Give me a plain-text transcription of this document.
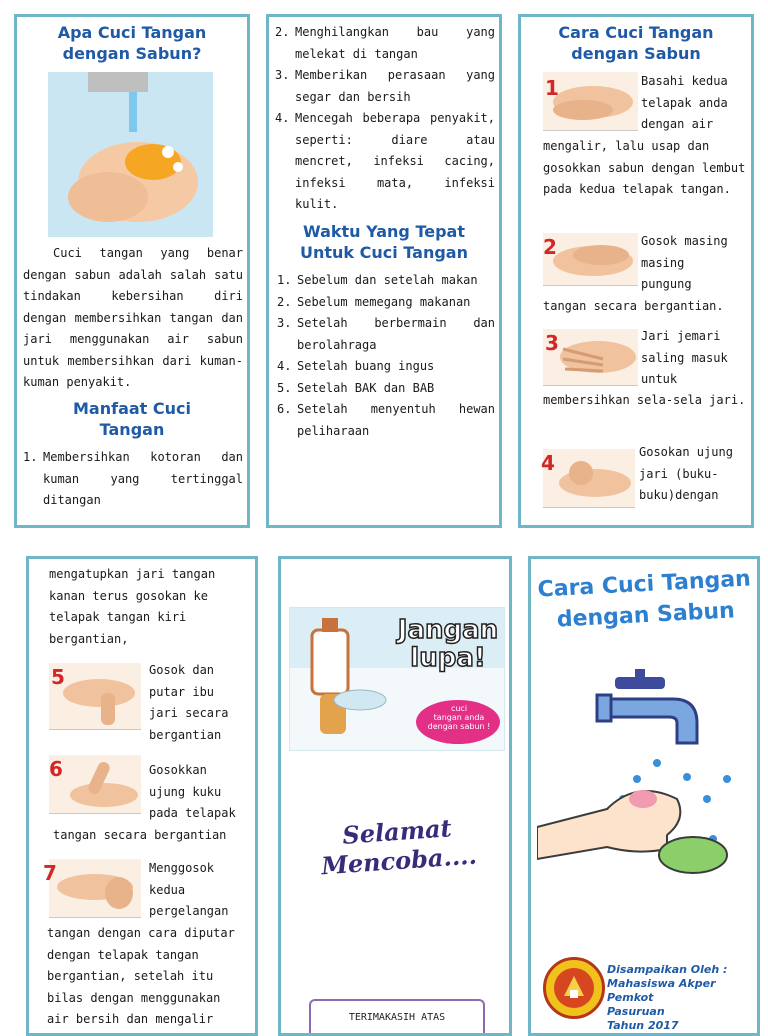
Apa Cuci Tangan

dengan Sabun?

Cuci tangan yang benar dengan sabun adalah salah satu tindakan kebersihan diri dengan membersihkan tangan dan jari menggunakan air sabun untuk membersihkan dari kuman-kuman penyakit.

Manfaat Cuci

Tangan

1. Membersihkan kotoran dan kuman yang tertinggal ditangan
2. Menghilangkan bau yang melekat di tangan
3. Memberikan perasaan yang segar dan bersih
4. Mencegah beberapa penyakit, seperti: diare atau mencret, infeksi cacing, infeksi mata, infeksi kulit.

Waktu Yang Tepat

Untuk Cuci Tangan

1. Sebelum dan setelah makan
2. Sebelum memegang makanan
3. Setelah berbermain dan berolahraga
4. Setelah buang ingus
5. Setelah BAK dan BAB
6. Setelah menyentuh hewan peliharaan

Cara Cuci Tangan

dengan Sabun

1	Basahi kedua telapak anda dengan air
mengalir, lalu usap dan gosokkan sabun dengan lembut pada kedua telapak tangan.
2	Gosok masing masing pungung
tangan secara bergantian.
3	Jari jemari saling masuk untuk
membersihkan sela-sela jari.
4	Gosokan ujung jari (buku-buku)dengan
mengatupkan jari tangan kanan terus gosokan ke telapak tangan kiri bergantian,
5	Gosok dan putar ibu jari secara bergantian
6	Gosokkan ujung kuku pada telapak
tangan secara bergantian
7	Menggosok kedua pergelangan
tangan dengan cara diputar dengan telapak tangan bergantian, setelah itu bilas dengan menggunakan air bersih dan mengalir
Jangan
lupa!
cuci
tangan anda
dengan sabun !
Selamat Mencoba....
TERIMAKASIH ATAS
Cara Cuci Tangan
dengan Sabun
Disampaikan Oleh :
Mahasiswa Akper Pemkot
Pasuruan
Tahun 2017
